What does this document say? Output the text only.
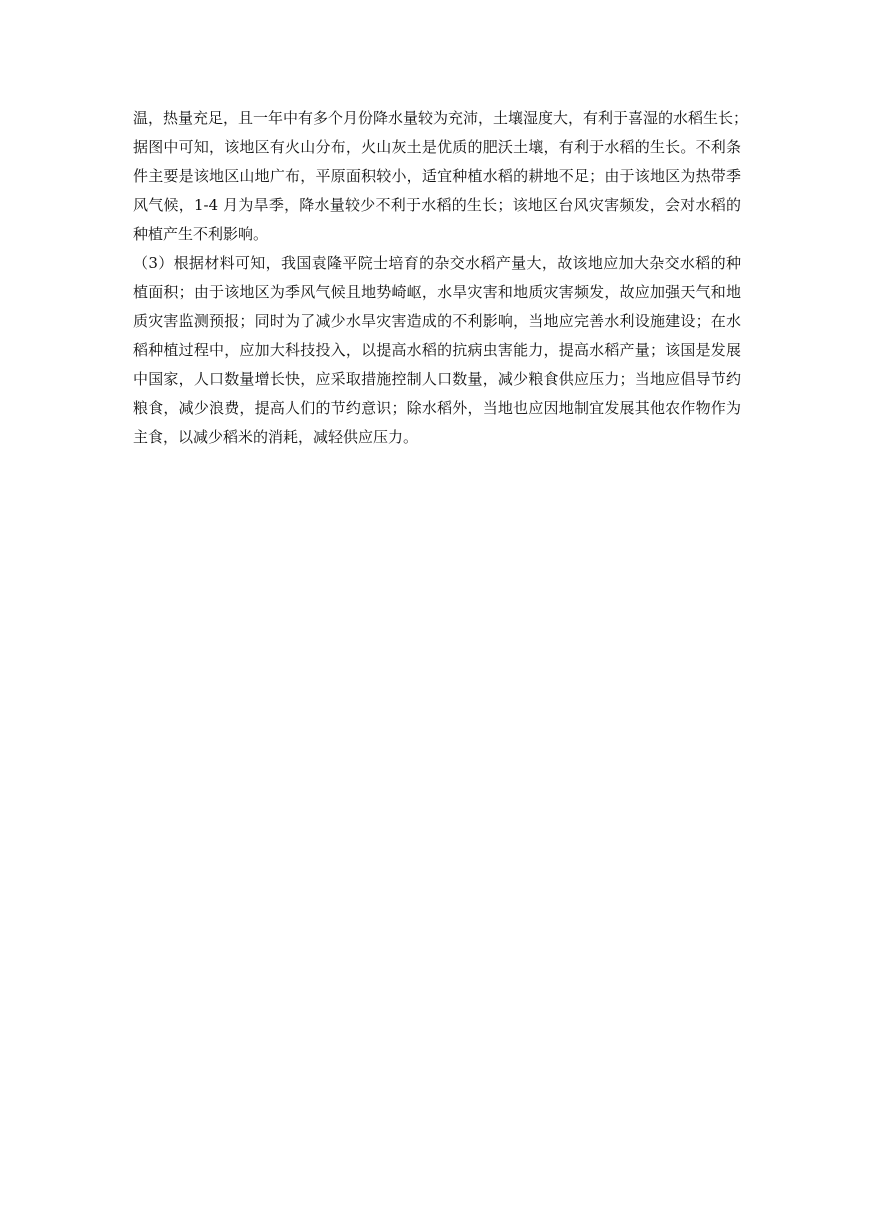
温，热量充足，且一年中有多个月份降水量较为充沛，土壤湿度大，有利于喜湿的水稻生长；
据图中可知，该地区有火山分布，火山灰土是优质的肥沃土壤，有利于水稻的生长。不利条
件主要是该地区山地广布，平原面积较小，适宜种植水稻的耕地不足；由于该地区为热带季
风气候，1-4 月为旱季，降水量较少不利于水稻的生长；该地区台风灾害频发，会对水稻的
种植产生不利影响。
（3）根据材料可知，我国袁隆平院士培育的杂交水稻产量大，故该地应加大杂交水稻的种
植面积；由于该地区为季风气候且地势崎岖，水旱灾害和地质灾害频发，故应加强天气和地
质灾害监测预报；同时为了减少水旱灾害造成的不利影响，当地应完善水利设施建设；在水
稻种植过程中，应加大科技投入，以提高水稻的抗病虫害能力，提高水稻产量；该国是发展
中国家，人口数量增长快，应采取措施控制人口数量，减少粮食供应压力；当地应倡导节约
粮食，减少浪费，提高人们的节约意识；除水稻外，当地也应因地制宜发展其他农作物作为
主食，以减少稻米的消耗，减轻供应压力。
